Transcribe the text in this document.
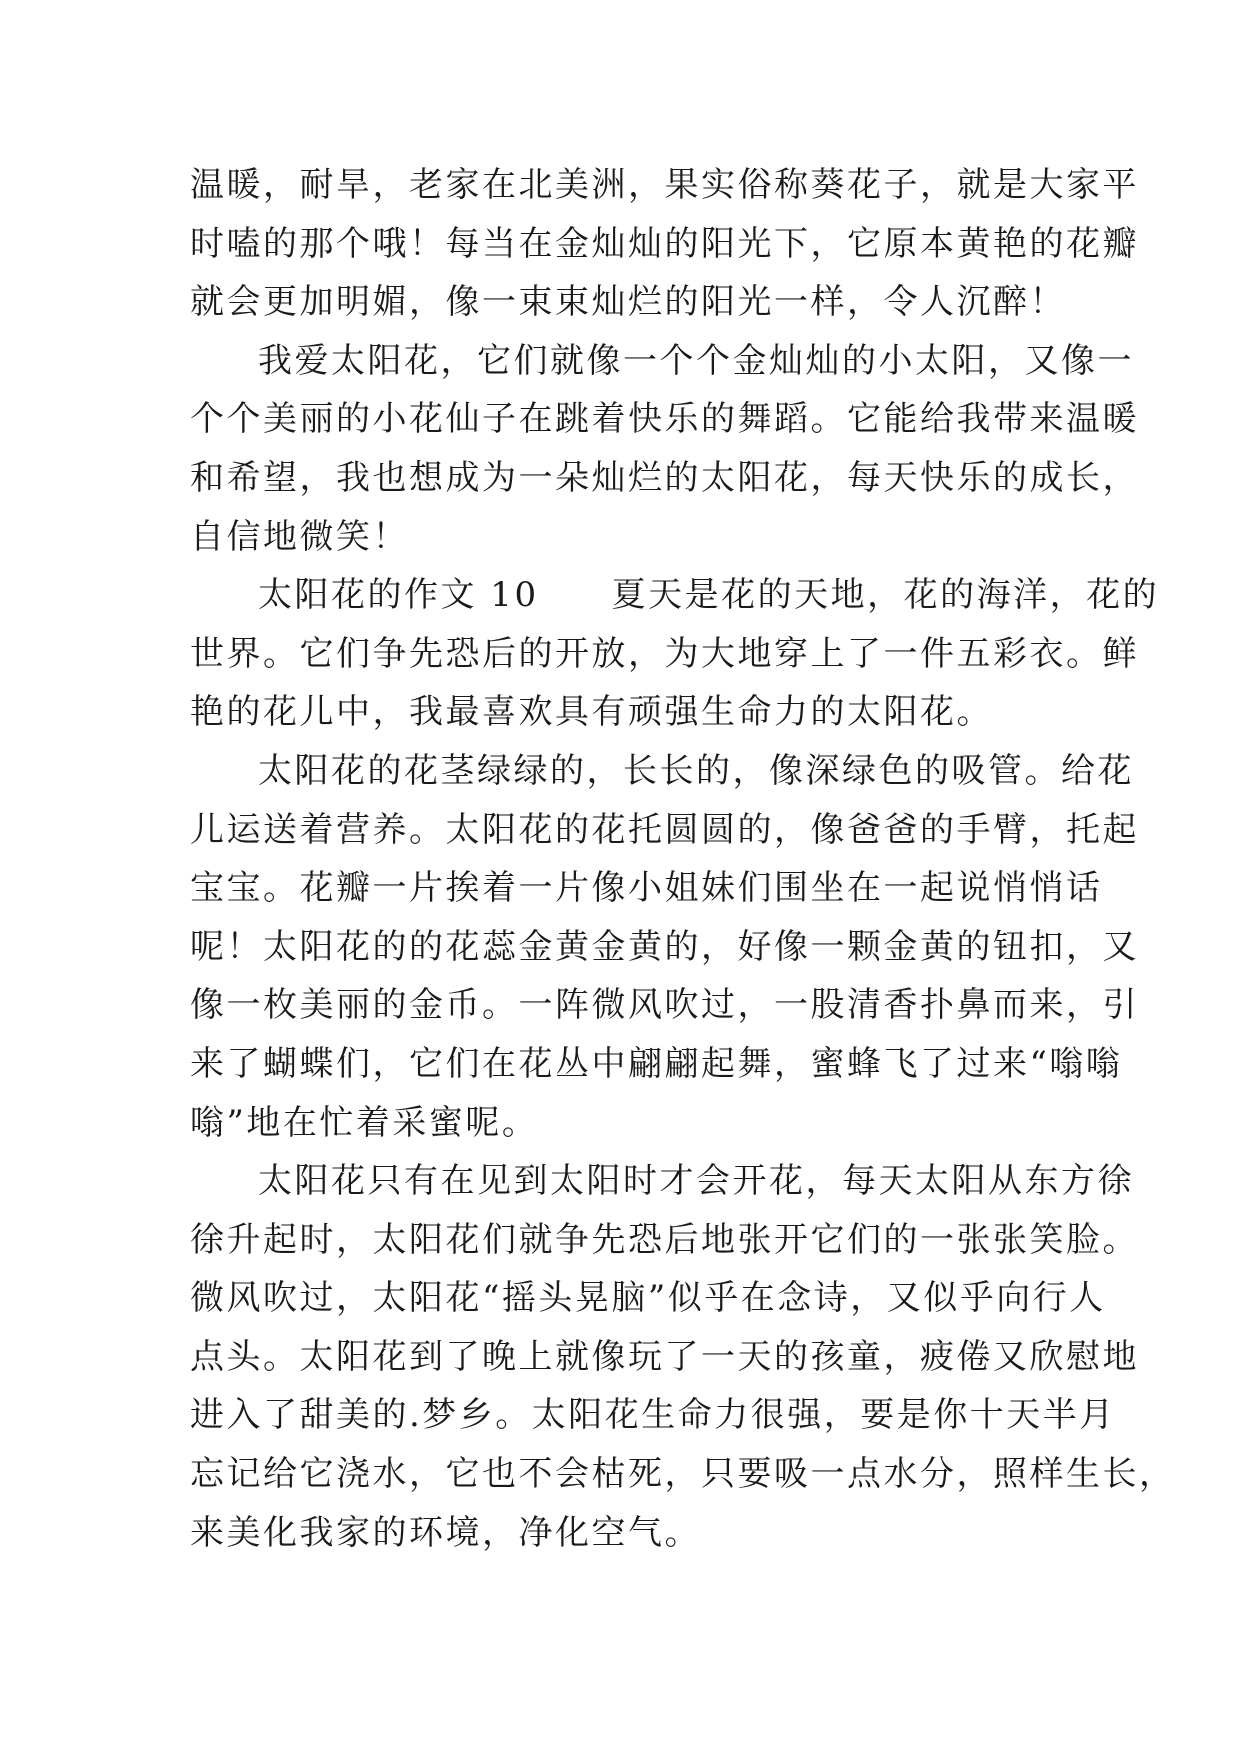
温暖，耐旱，老家在北美洲，果实俗称葵花子，就是大家平
时嗑的那个哦！每当在金灿灿的阳光下，它原本黄艳的花瓣
就会更加明媚，像一束束灿烂的阳光一样，令人沉醉！
我爱太阳花，它们就像一个个金灿灿的小太阳，又像一
个个美丽的小花仙子在跳着快乐的舞蹈。它能给我带来温暖
和希望，我也想成为一朵灿烂的太阳花，每天快乐的成长，
自信地微笑！
太阳花的作文 10　　夏天是花的天地，花的海洋，花的
世界。它们争先恐后的开放，为大地穿上了一件五彩衣。鲜
艳的花儿中，我最喜欢具有顽强生命力的太阳花。
太阳花的花茎绿绿的，长长的，像深绿色的吸管。给花
儿运送着营养。太阳花的花托圆圆的，像爸爸的手臂，托起
宝宝。花瓣一片挨着一片像小姐妹们围坐在一起说悄悄话
呢！太阳花的的花蕊金黄金黄的，好像一颗金黄的钮扣，又
像一枚美丽的金币。一阵微风吹过，一股清香扑鼻而来，引
来了蝴蝶们，它们在花丛中翩翩起舞，蜜蜂飞了过来“嗡嗡
嗡”地在忙着采蜜呢。
太阳花只有在见到太阳时才会开花，每天太阳从东方徐
徐升起时，太阳花们就争先恐后地张开它们的一张张笑脸。
微风吹过，太阳花“摇头晃脑”似乎在念诗，又似乎向行人
点头。太阳花到了晚上就像玩了一天的孩童，疲倦又欣慰地
进入了甜美的.梦乡。太阳花生命力很强，要是你十天半月
忘记给它浇水，它也不会枯死，只要吸一点水分，照样生长，
来美化我家的环境，净化空气。
